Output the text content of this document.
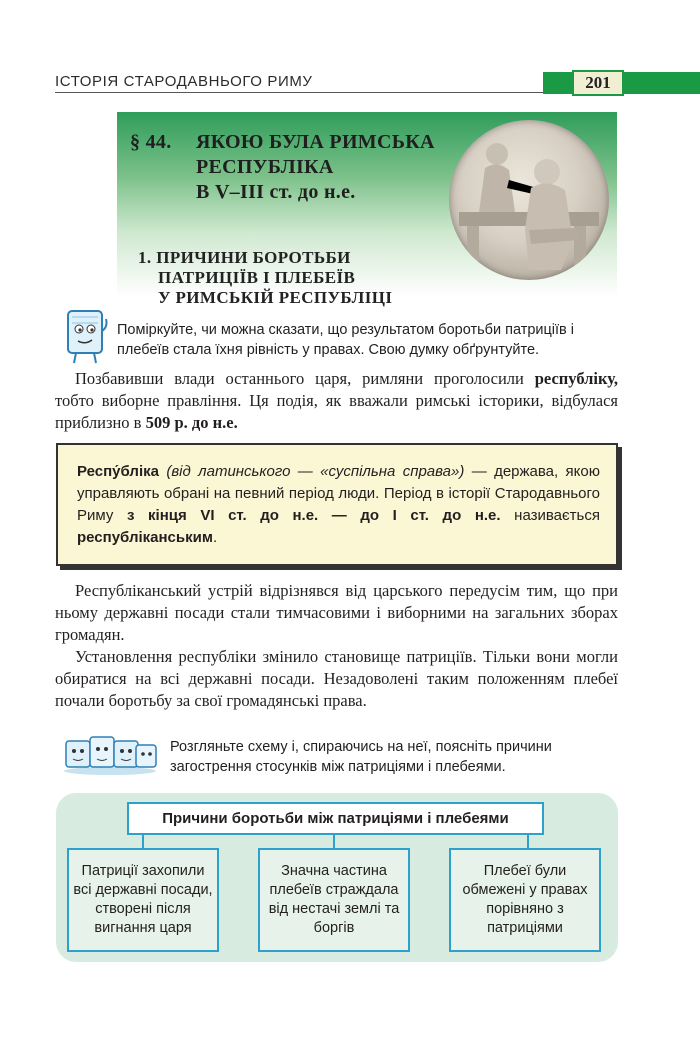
ІСТОРІЯ СТАРОДАВНЬОГО РИМУ	201
§ 44. ЯКОЮ БУЛА РИМСЬКА
РЕСПУБЛІКА
В V–III ст. до н.е.
1. ПРИЧИНИ БОРОТЬБИ
ПАТРИЦІЇВ І ПЛЕБЕЇВ
У РИМСЬКІЙ РЕСПУБЛІЦІ
Поміркуйте, чи можна сказати, що результатом боротьби патриціїв і плебеїв стала їхня рівність у правах. Свою думку обґрунтуйте.
Позбавивши влади останнього царя, римляни проголосили республіку, тобто виборне правління. Ця подія, як вважали римські історики, відбулася приблизно в 509 р. до н.е.
Респу́бліка (від латинського — «суспільна справа») — держава, якою управляють обрані на певний період люди. Період в історії Стародавнього Риму з кінця VI ст. до н.е. — до I ст. до н.е. називається республіканським.
Республіканський устрій відрізнявся від царського передусім тим, що при ньому державні посади стали тимчасовими і виборними на загальних зборах громадян.
Установлення республіки змінило становище патриціїв. Тільки вони могли обиратися на всі державні посади. Незадоволені таким положенням плебеї почали боротьбу за свої громадянські права.
Розгляньте схему і, спираючись на неї, поясніть причини загострення стосунків між патриціями і плебеями.
Причини боротьби між патриціями і плебеями
Патриції захопили всі державні посади, створені після вигнання царя
Значна частина плебеїв страждала від нестачі землі та боргів
Плебеї були обмежені у правах порівняно з патриціями
